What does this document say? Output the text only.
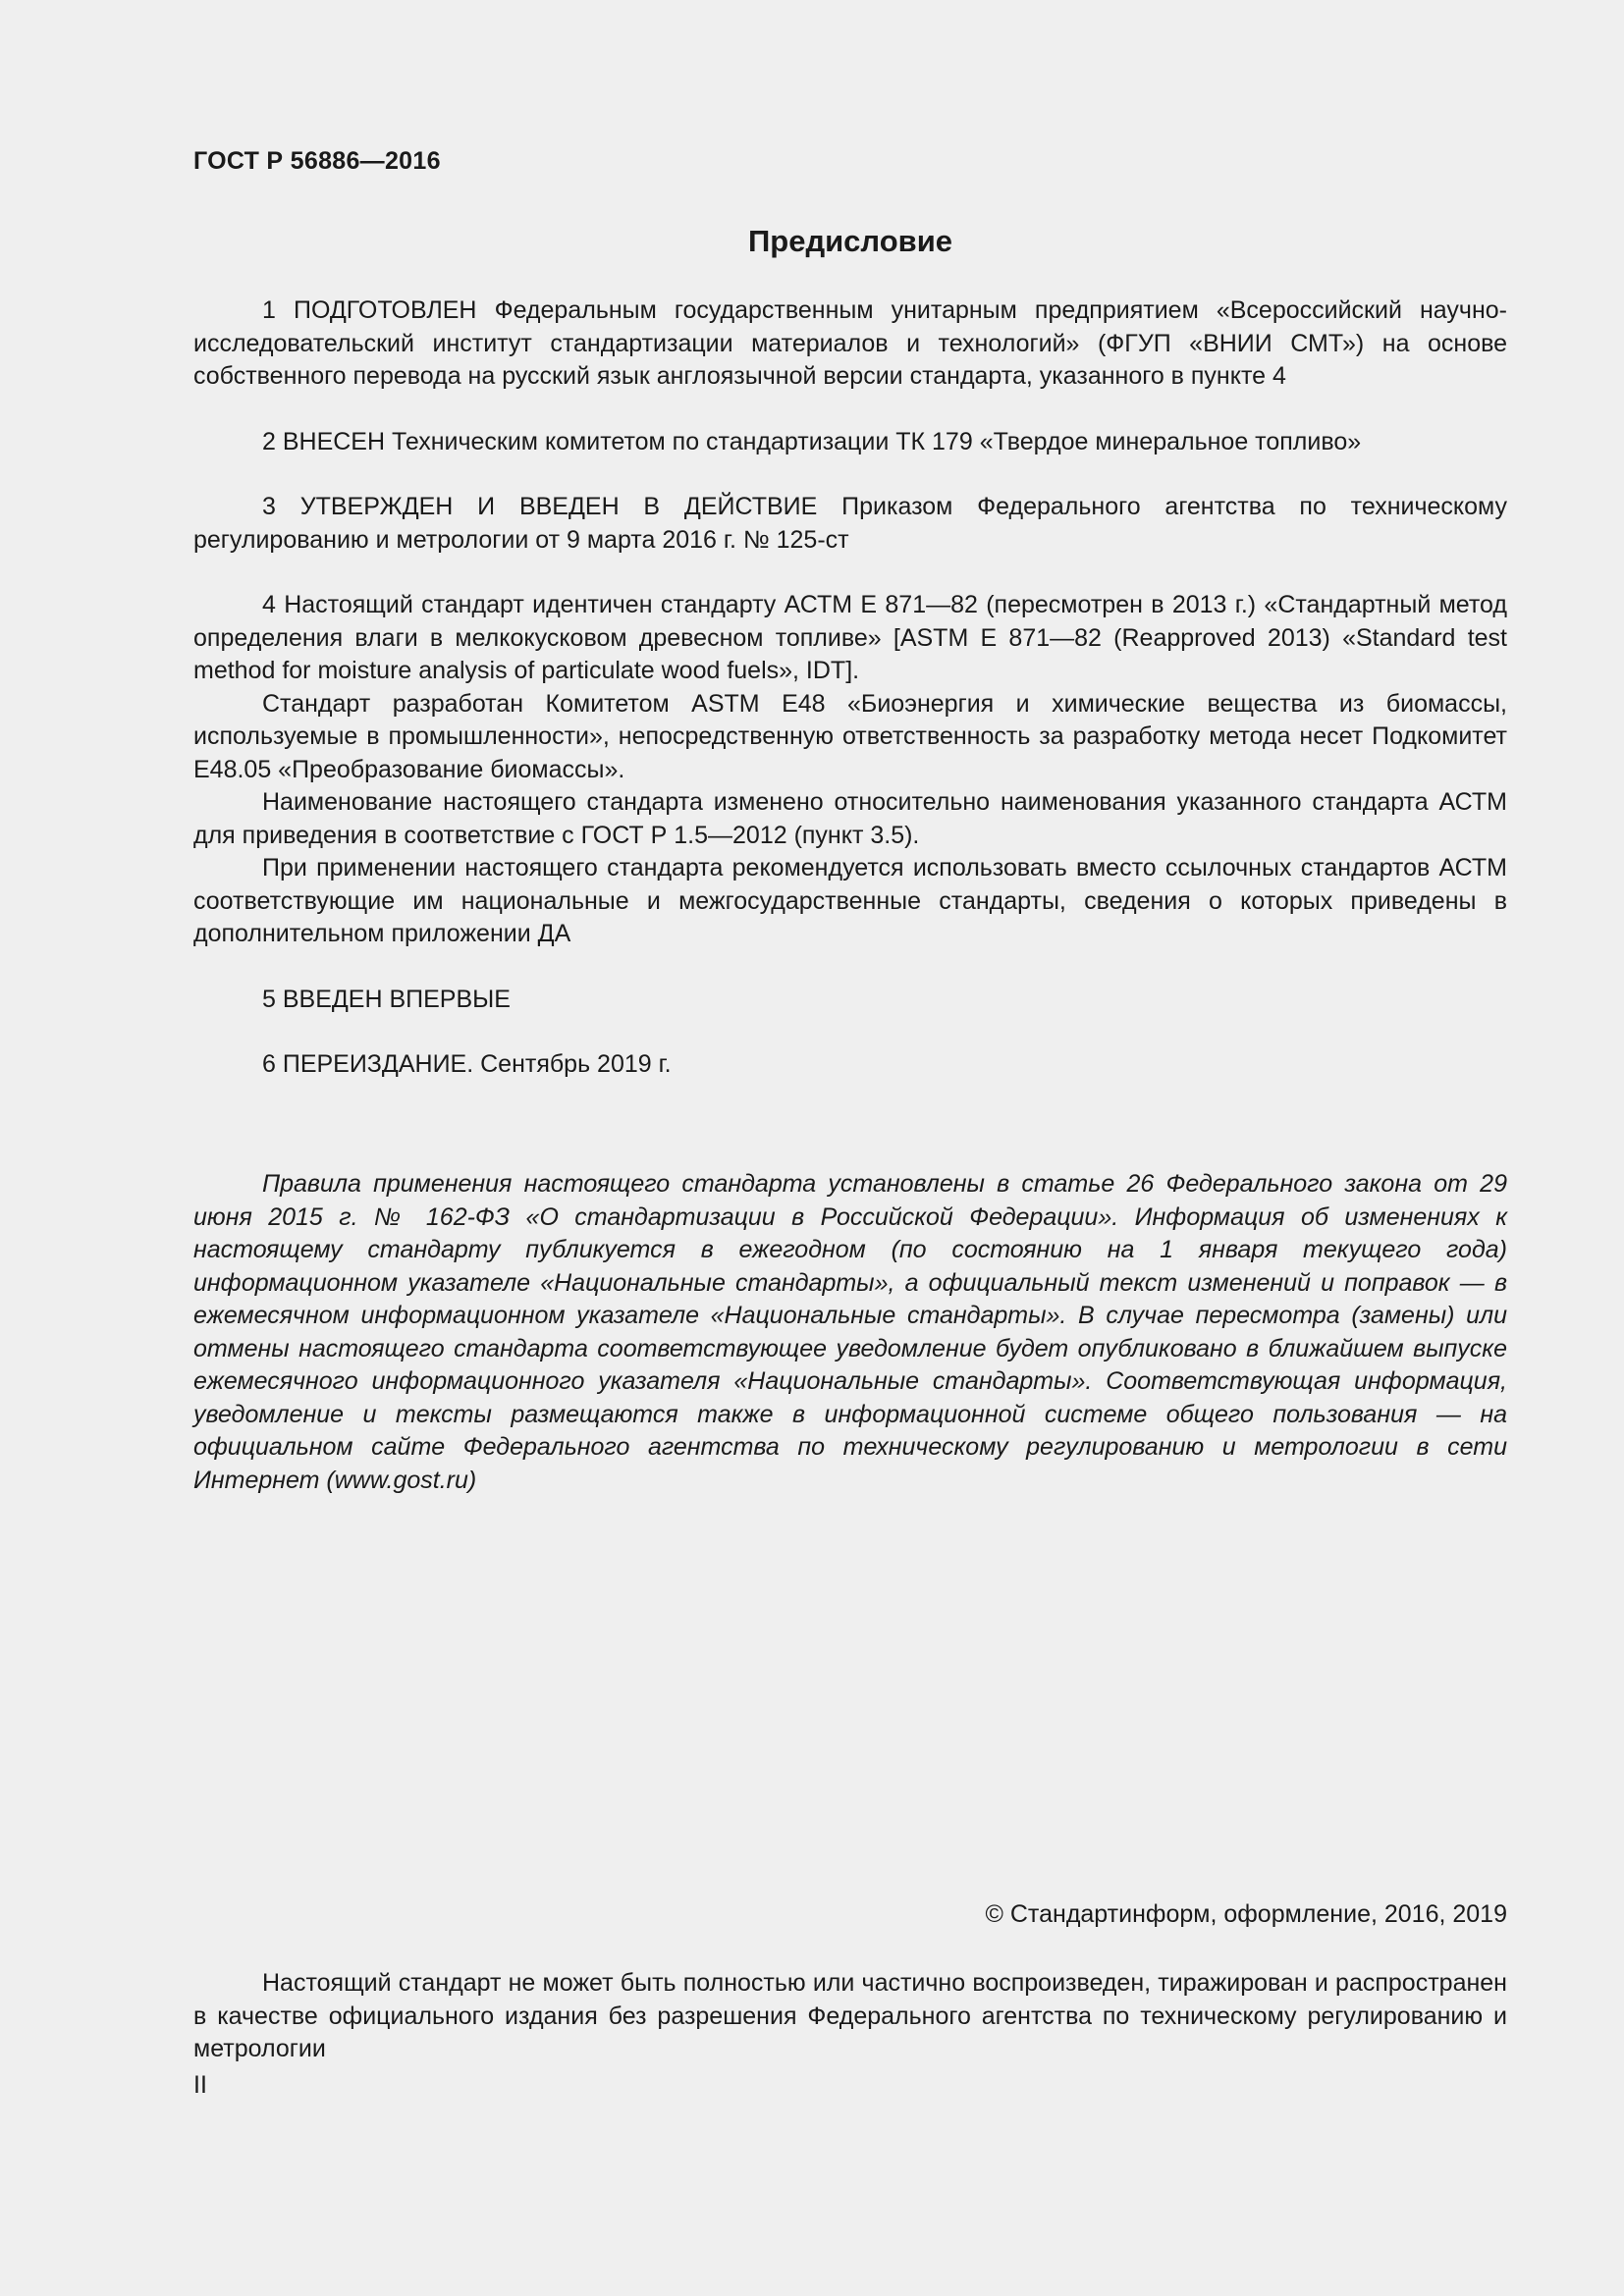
ГОСТ Р 56886—2016
Предисловие

1 ПОДГОТОВЛЕН Федеральным государственным унитарным предприятием «Всероссийский научно-исследовательский институт стандартизации материалов и технологий» (ФГУП «ВНИИ СМТ») на основе собственного перевода на русский язык англоязычной версии стандарта, указанного в пункте 4

2 ВНЕСЕН Техническим комитетом по стандартизации ТК 179 «Твердое минеральное топливо»

3 УТВЕРЖДЕН И ВВЕДЕН В ДЕЙСТВИЕ Приказом Федерального агентства по техническому регулированию и метрологии от 9 марта 2016 г. № 125-ст

4 Настоящий стандарт идентичен стандарту АСТМ Е 871—82 (пересмотрен в 2013 г.) «Стандартный метод определения влаги в мелкокусковом древесном топливе» [ASTM E 871—82 (Reapproved 2013) «Standard test method for moisture analysis of particulate wood fuels», IDT].

Стандарт разработан Комитетом ASTM E48 «Биоэнергия и химические вещества из биомассы, используемые в промышленности», непосредственную ответственность за разработку метода несет Подкомитет E48.05 «Преобразование биомассы».

Наименование настоящего стандарта изменено относительно наименования указанного стандарта АСТМ для приведения в соответствие с ГОСТ Р 1.5—2012 (пункт 3.5).

При применении настоящего стандарта рекомендуется использовать вместо ссылочных стандартов АСТМ соответствующие им национальные и межгосударственные стандарты, сведения о которых приведены в дополнительном приложении ДА

5 ВВЕДЕН ВПЕРВЫЕ

6 ПЕРЕИЗДАНИЕ. Сентябрь 2019 г.

Правила применения настоящего стандарта установлены в статье 26 Федерального закона от 29 июня 2015 г. № 162-ФЗ «О стандартизации в Российской Федерации». Информация об изменениях к настоящему стандарту публикуется в ежегодном (по состоянию на 1 января текущего года) информационном указателе «Национальные стандарты», а официальный текст изменений и поправок — в ежемесячном информационном указателе «Национальные стандарты». В случае пересмотра (замены) или отмены настоящего стандарта соответствующее уведомление будет опубликовано в ближайшем выпуске ежемесячного информационного указателя «Национальные стандарты». Соответствующая информация, уведомление и тексты размещаются также в информационной системе общего пользования — на официальном сайте Федерального агентства по техническому регулированию и метрологии в сети Интернет (www.gost.ru)

© Стандартинформ, оформление, 2016, 2019

Настоящий стандарт не может быть полностью или частично воспроизведен, тиражирован и распространен в качестве официального издания без разрешения Федерального агентства по техническому регулированию и метрологии

II
